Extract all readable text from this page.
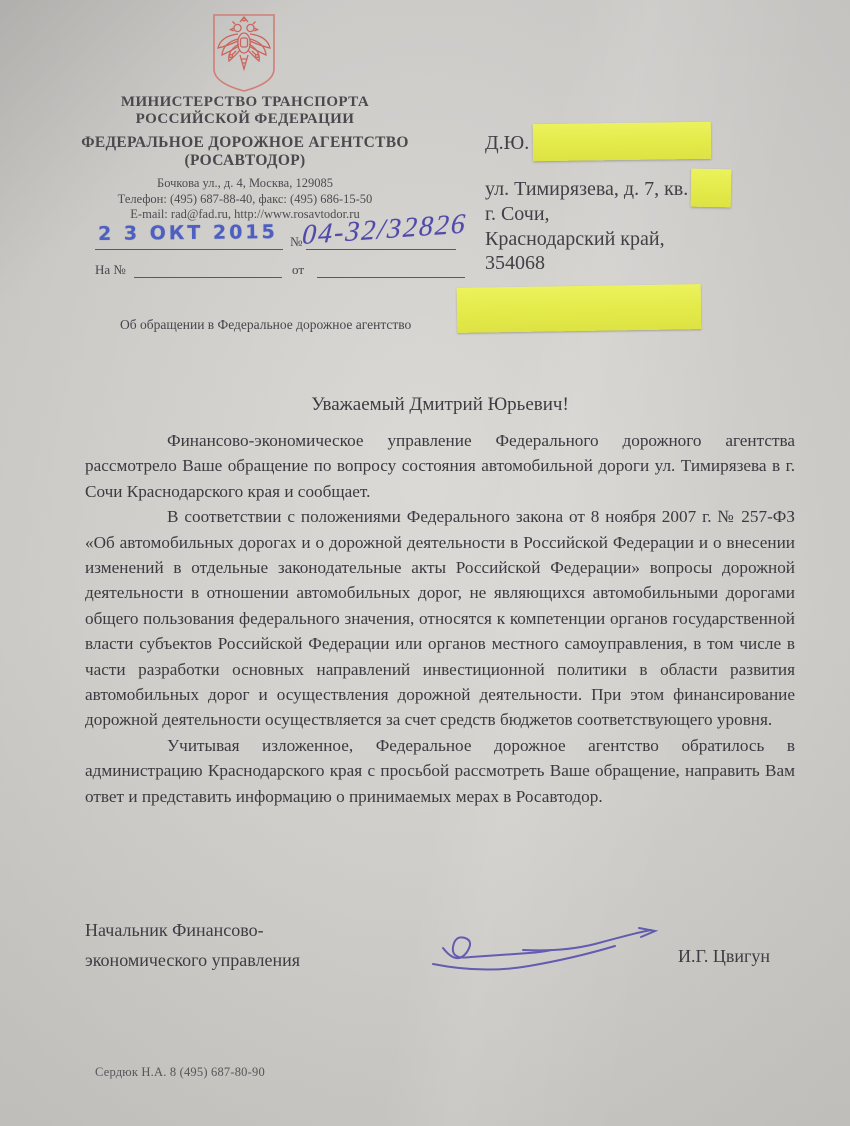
МИНИСТЕРСТВО ТРАНСПОРТА
РОССИЙСКОЙ ФЕДЕРАЦИИ
ФЕДЕРАЛЬНОЕ ДОРОЖНОЕ АГЕНТСТВО
(РОСАВТОДОР)
Бочкова ул., д. 4, Москва, 129085
Телефон: (495) 687-88-40, факс: (495) 686-15-50
E-mail: rad@fad.ru, http://www.rosavtodor.ru
2 3 ОКТ 2015 №
04-32/32826
На №	от
Д.Ю.
ул. Тимирязева, д. 7, кв.
г. Сочи,
Краснодарский край,
354068
Об обращении в Федеральное дорожное агентство
Уважаемый Дмитрий Юрьевич!

Финансово-экономическое управление Федерального дорожного агентства рассмотрело Ваше обращение по вопросу состояния автомобильной дороги ул. Тимирязева в г. Сочи Краснодарского края и сообщает.

В соответствии с положениями Федерального закона от 8 ноября 2007 г. № 257-ФЗ «Об автомобильных дорогах и о дорожной деятельности в Российской Федерации и о внесении изменений в отдельные законодательные акты Российской Федерации» вопросы дорожной деятельности в отношении автомобильных дорог, не являющихся автомобильными дорогами общего пользования федерального значения, относятся к компетенции органов государственной власти субъектов Российской Федерации или органов местного самоуправления, в том числе в части разработки основных направлений инвестиционной политики в области развития автомобильных дорог и осуществления дорожной деятельности. При этом финансирование дорожной деятельности осуществляется за счет средств бюджетов соответствующего уровня.

Учитывая изложенное, Федеральное дорожное агентство обратилось в администрацию Краснодарского края с просьбой рассмотреть Ваше обращение, направить Вам ответ и представить информацию о принимаемых мерах в Росавтодор.

Начальник Финансово-
экономического управления	И.Г. Цвигун
Сердюк Н.А. 8 (495) 687-80-90
